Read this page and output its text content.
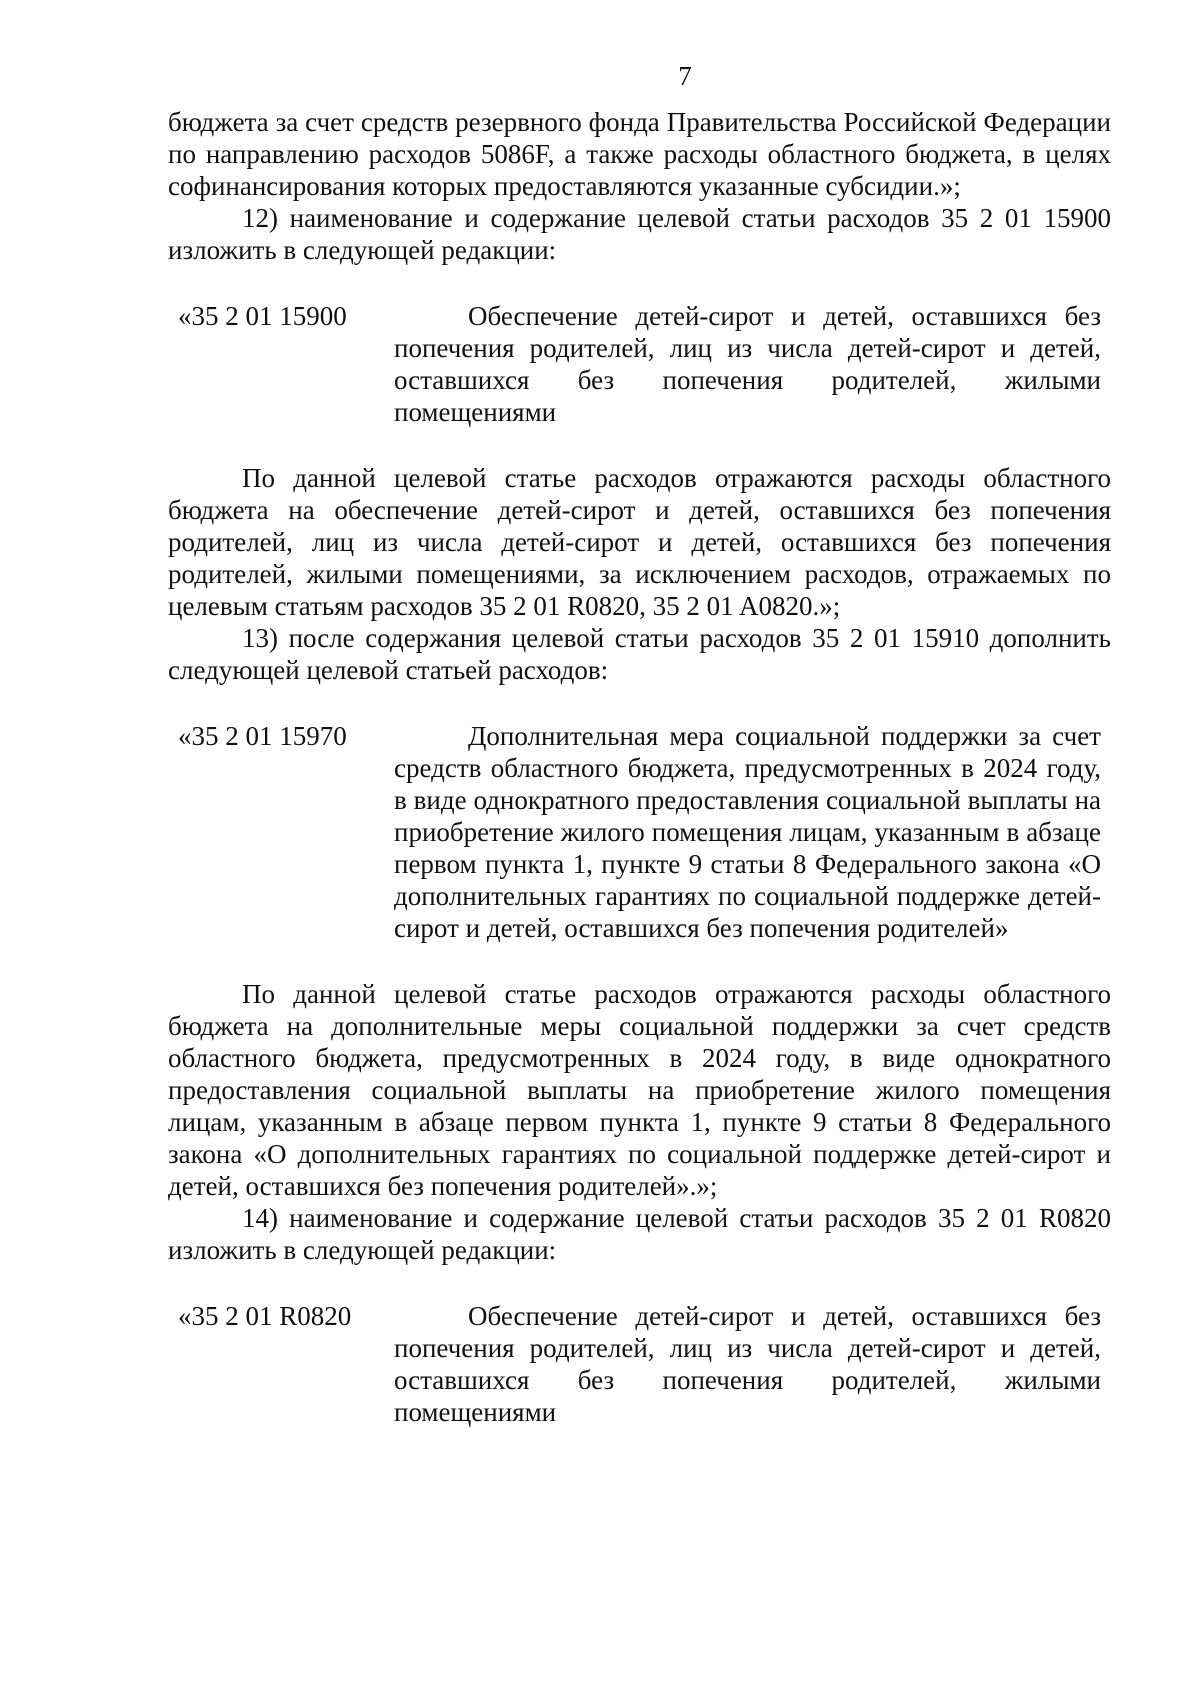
7

бюджета за счет средств резервного фонда Правительства Российской Федерации по направлению расходов 5086F, а также расходы областного бюджета, в целях софинансирования которых предоставляются указанные субсидии.»;

12) наименование и содержание целевой статьи расходов 35 2 01 15900 изложить в следующей редакции:

«35 2 01 15900	Обеспечение детей-сирот и детей, оставшихся без попечения родителей, лиц из числа детей-сирот и детей, оставшихся без попечения родителей, жилыми помещениями

По данной целевой статье расходов отражаются расходы областного бюджета на обеспечение детей-сирот и детей, оставшихся без попечения родителей, лиц из числа детей-сирот и детей, оставшихся без попечения родителей, жилыми помещениями, за исключением расходов, отражаемых по целевым статьям расходов 35 2 01 R0820, 35 2 01 A0820.»;

13) после содержания целевой статьи расходов 35 2 01 15910 дополнить следующей целевой статьей расходов:

«35 2 01 15970	Дополнительная мера социальной поддержки за счет средств областного бюджета, предусмотренных в 2024 году, в виде однократного предоставления социальной выплаты на приобретение жилого помещения лицам, указанным в абзаце первом пункта 1, пункте 9 статьи 8 Федерального закона «О дополнительных гарантиях по социальной поддержке детей-сирот и детей, оставшихся без попечения родителей»

По данной целевой статье расходов отражаются расходы областного бюджета на дополнительные меры социальной поддержки за счет средств областного бюджета, предусмотренных в 2024 году, в виде однократного предоставления социальной выплаты на приобретение жилого помещения лицам, указанным в абзаце первом пункта 1, пункте 9 статьи 8 Федерального закона «О дополнительных гарантиях по социальной поддержке детей-сирот и детей, оставшихся без попечения родителей».»;

14) наименование и содержание целевой статьи расходов 35 2 01 R0820 изложить в следующей редакции:

«35 2 01 R0820	Обеспечение детей-сирот и детей, оставшихся без попечения родителей, лиц из числа детей-сирот и детей, оставшихся без попечения родителей, жилыми помещениями
